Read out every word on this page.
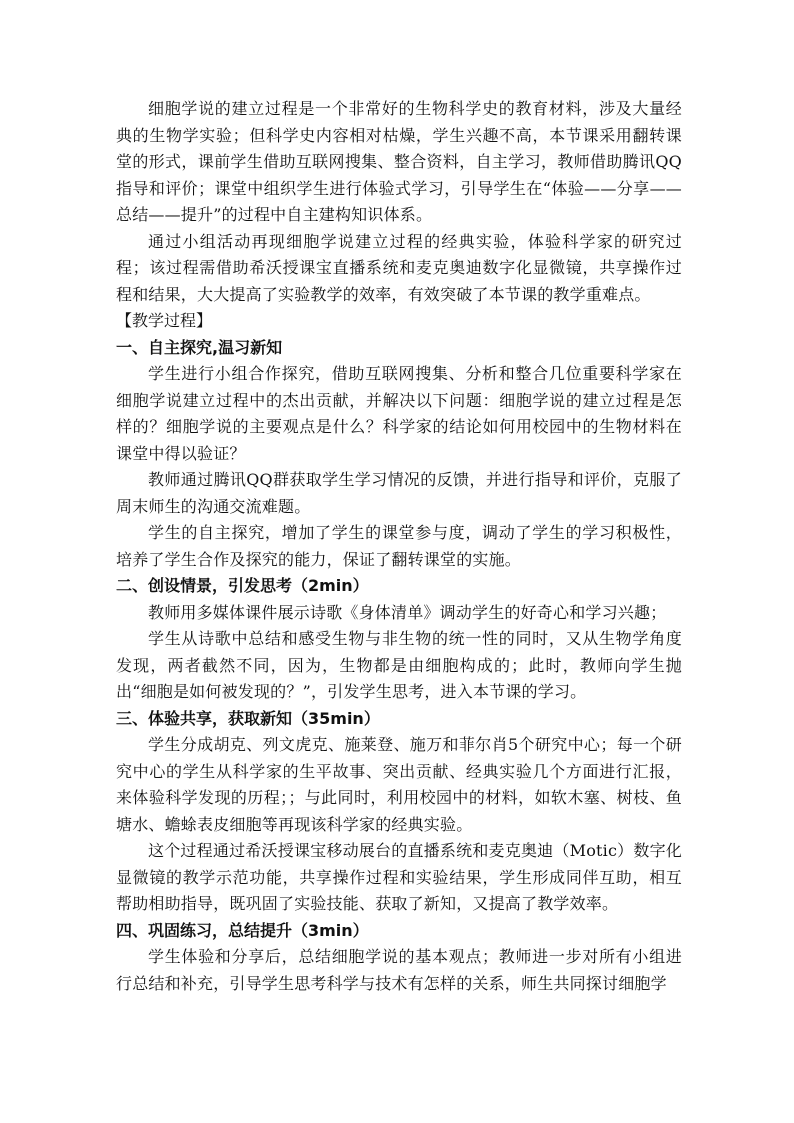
细胞学说的建立过程是一个非常好的生物科学史的教育材料，涉及大量经典的生物学实验；但科学史内容相对枯燥，学生兴趣不高，本节课采用翻转课堂的形式，课前学生借助互联网搜集、整合资料，自主学习，教师借助腾讯QQ指导和评价；课堂中组织学生进行体验式学习，引导学生在“体验——分享——总结——提升”的过程中自主建构知识体系。

通过小组活动再现细胞学说建立过程的经典实验，体验科学家的研究过程；该过程需借助希沃授课宝直播系统和麦克奥迪数字化显微镜，共享操作过程和结果，大大提高了实验教学的效率，有效突破了本节课的教学重难点。

【教学过程】

一、自主探究,温习新知

学生进行小组合作探究，借助互联网搜集、分析和整合几位重要科学家在细胞学说建立过程中的杰出贡献，并解决以下问题：细胞学说的建立过程是怎样的？细胞学说的主要观点是什么？科学家的结论如何用校园中的生物材料在课堂中得以验证？

教师通过腾讯QQ群获取学生学习情况的反馈，并进行指导和评价，克服了周末师生的沟通交流难题。

学生的自主探究，增加了学生的课堂参与度，调动了学生的学习积极性，培养了学生合作及探究的能力，保证了翻转课堂的实施。

二、创设情景，引发思考（2min）

教师用多媒体课件展示诗歌《身体清单》调动学生的好奇心和学习兴趣；

学生从诗歌中总结和感受生物与非生物的统一性的同时，又从生物学角度发现，两者截然不同，因为，生物都是由细胞构成的；此时，教师向学生抛出“细胞是如何被发现的？”，引发学生思考，进入本节课的学习。

三、体验共享，获取新知（35min）

学生分成胡克、列文虎克、施莱登、施万和菲尔肖5个研究中心；每一个研究中心的学生从科学家的生平故事、突出贡献、经典实验几个方面进行汇报，来体验科学发现的历程；；与此同时，利用校园中的材料，如软木塞、树枝、鱼塘水、蟾蜍表皮细胞等再现该科学家的经典实验。

这个过程通过希沃授课宝移动展台的直播系统和麦克奥迪（Motic）数字化显微镜的教学示范功能，共享操作过程和实验结果，学生形成同伴互助，相互帮助相助指导，既巩固了实验技能、获取了新知，又提高了教学效率。

四、巩固练习，总结提升（3min）

学生体验和分享后，总结细胞学说的基本观点；教师进一步对所有小组进行总结和补充，引导学生思考科学与技术有怎样的关系，师生共同探讨细胞学
